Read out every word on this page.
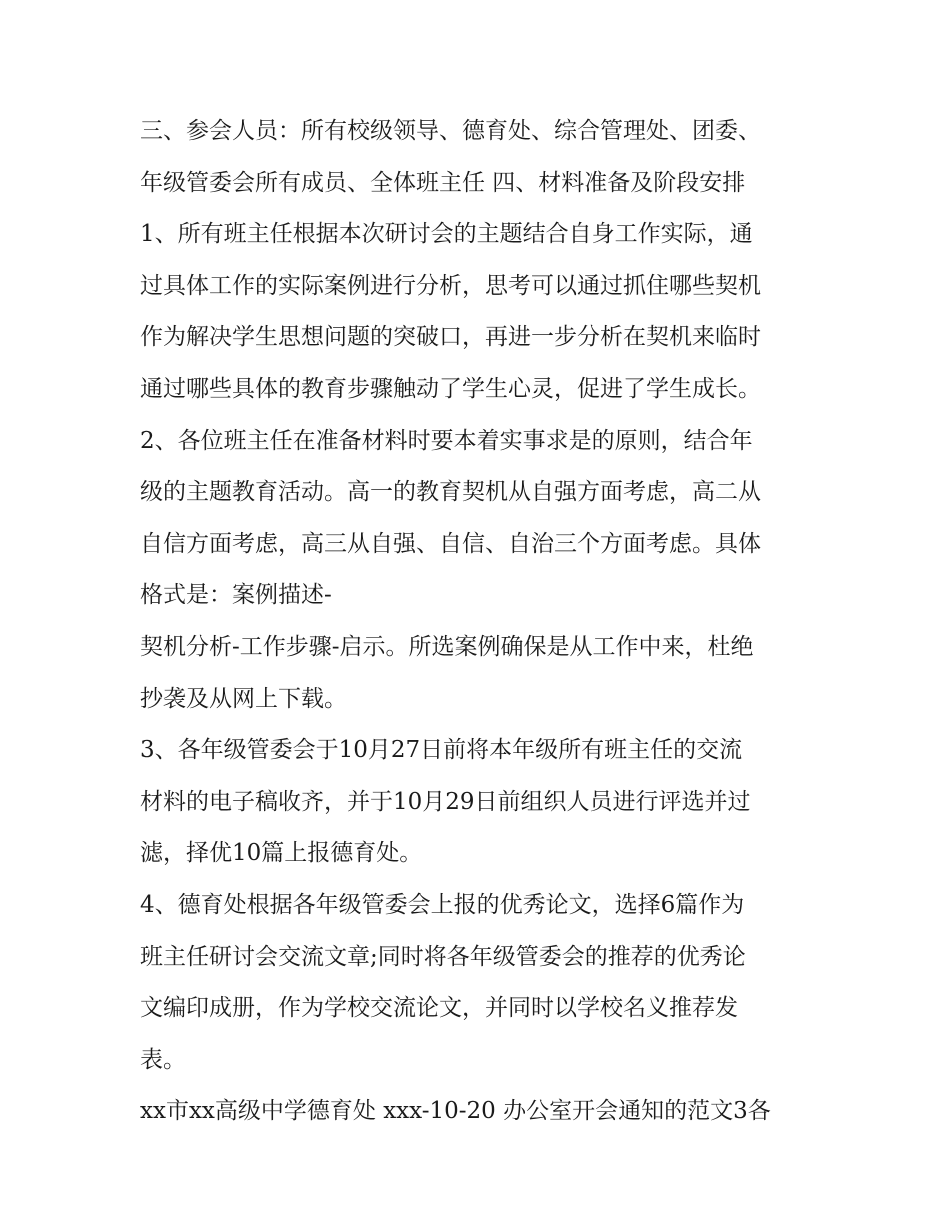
三、参会人员：所有校级领导、德育处、综合管理处、团委、
年级管委会所有成员、全体班主任 四、材料准备及阶段安排
1、所有班主任根据本次研讨会的主题结合自身工作实际，通
过具体工作的实际案例进行分析，思考可以通过抓住哪些契机
作为解决学生思想问题的突破口，再进一步分析在契机来临时
通过哪些具体的教育步骤触动了学生心灵，促进了学生成长。
2、各位班主任在准备材料时要本着实事求是的原则，结合年
级的主题教育活动。高一的教育契机从自强方面考虑，高二从
自信方面考虑，高三从自强、自信、自治三个方面考虑。具体
格式是：案例描述-
契机分析-工作步骤-启示。所选案例确保是从工作中来，杜绝
抄袭及从网上下载。
3、各年级管委会于10月27日前将本年级所有班主任的交流
材料的电子稿收齐，并于10月29日前组织人员进行评选并过
滤，择优10篇上报德育处。
4、德育处根据各年级管委会上报的优秀论文，选择6篇作为
班主任研讨会交流文章;同时将各年级管委会的推荐的优秀论
文编印成册，作为学校交流论文，并同时以学校名义推荐发
表。
xx市xx高级中学德育处 xxx-10-20 办公室开会通知的范文3各
